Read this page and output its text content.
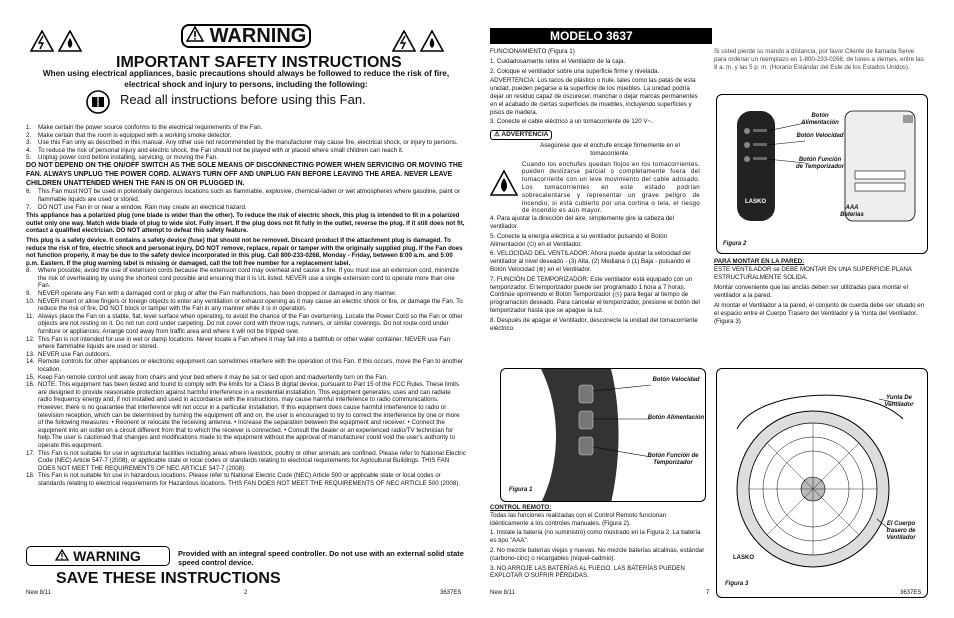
WARNING
IMPORTANT SAFETY INSTRUCTIONS
When using electrical appliances, basic precautions should always be followed to reduce the risk of fire, electrical shock and injury to persons, including the following:
Read all instructions before using this Fan.
1.	Make certain the power source conforms to the electrical requirements of the Fan.
2.	Make certain that the room is equipped with a working smoke detector.
3.	Use this Fan only as described in this manual. Any other use not recommended by the manufacturer may cause fire, electrical shock, or injury to persons.
4.	To reduce the risk of personal injury and electric shock, the Fan should not be played with or placed where small children can reach it.
5.	Unplug power cord before installing, servicing, or moving the Fan.

DO NOT DEPEND ON THE ON/OFF SWITCH AS THE SOLE MEANS OF DISCONNECTING POWER WHEN SERVICING OR MOVING THE FAN. ALWAYS UNPLUG THE POWER CORD. ALWAYS TURN OFF AND UNPLUG FAN BEFORE LEAVING THE AREA. NEVER LEAVE CHILDREN UNATTENDED WHEN THE FAN IS ON OR PLUGGED IN.

6.	This Fan must NOT be used in potentially dangerous locations such as flammable, explosive, chemical-laden or wet atmospheres where gasoline, paint or flammable liquids are used or stored.
7.	DO NOT use Fan in or near a window. Rain may create an electrical hazard.

This appliance has a polarized plug (one blade is wider than the other). To reduce the risk of electric shock, this plug is intended to fit in a polarized outlet only one way. Match wide blade of plug to wide slot. Fully insert. If the plug does not fit fully in the outlet, reverse the plug. If it still does not fit, contact a qualified electrician. DO NOT attempt to defeat this safety feature.

This plug is a safety device. It contains a safety device (fuse) that should not be removed. Discard product if the attachment plug is damaged. To reduce the risk of fire, electric shock and personal injury, DO NOT remove, replace, repair or tamper with the originally supplied plug. If the Fan does not function properly, it may be due to the safety device incorporated in this plug. Call 800-233-0268, Monday - Friday, between 8:00 a.m. and 5:00 p.m. Eastern. If the plug warning label is missing or damaged, call the toll free number for a replacement label.

8.	Where possible, avoid the use of extension cords because the extension cord may overheat and cause a fire. If you must use an extension cord, minimize the risk of overheating by using the shortest cord possible and ensuring that it is UL listed. NEVER use a single extension cord to operate more than one Fan.
9.	NEVER operate any Fan with a damaged cord or plug or after the Fan malfunctions, has been dropped or damaged in any manner.
10. NEVER insert or allow fingers or foreign objects to enter any ventilation or exhaust opening as it may cause an electric shock or fire, or damage the Fan. To reduce the risk of fire, DO NOT block or tamper with the Fan in any manner while it is in operation.
11. Always place the Fan on a stable, flat, level surface when operating, to avoid the chance of the Fan overturning. Locate the Power Cord so the Fan or other objects are not resting on it. Do not run cord under carpeting. Do not cover cord with throw rugs, runners, or similar coverings. Do not route cord under furniture or appliances. Arrange cord away from traffic area and where it will not be tripped over.
12. This Fan is not intended for use in wet or damp locations. Never locate a Fan where it may fall into a bathtub or other water container. NEVER use Fan where flammable liquids are used or stored.
13. NEVER use Fan outdoors.
14. Remote controls for other appliances or electronic equipment can sometimes interfere with the operation of this Fan. If this occurs, move the Fan to another location.
15. Keep Fan remote control unit away from chairs and your bed where it may be sat or laid upon and inadvertently turn on the Fan.
16. NOTE: This equipment has been tested and found to comply with the limits for a Class B digital device, pursuant to Part 15 of the FCC Rules. These limits are designed to provide reasonable protection against harmful interference in a residential installation. This equipment generates, uses and can radiate radio frequency energy and, if not installed and used in accordance with the instructions, may cause harmful interference to radio communications. However, there is no guarantee that interference will not occur in a particular installation. If this equipment does cause harmful interference to radio or television reception, which can be determined by turning the equipment off and on, the user is encouraged to try to correct the interference by one or more of the following measures: • Reorient or relocate the receiving antenna. • Increase the separation between the equipment and receiver. • Connect the equipment into an outlet on a circuit different from that to which the receiver is connected. • Consult the dealer or an experienced radio/TV technician for help.The user is cautioned that changes and modifications made to the equipment without the approval of manufacturer could void the user's authority to operate this equipment.
17. This Fan is not suitable for use in agricultural facilities including areas where livestock, poultry or other animals are confined. Please refer to National Electric Code (NEC) Article 547-7 (2008), or applicable state or local codes or standards relating to electrical requirements for Agricultural Buildings. THIS FAN DOES NOT MEET THE REQUIREMENTS OF NEC ARTICLE 547-7 (2008).
18. This Fan is not suitable for use in hazardous locations. Please refer to National Electric Code (NEC) Article 500 or applicable state or local codes or standards relating to electrical requirements for Hazardous locations. THIS FAN DOES NOT MEET THE REQUIREMENTS OF NEC ARTICLE 500 (2008).
WARNING	Provided with an integral speed controller. Do not use with an external solid state speed control device.
SAVE THESE INSTRUCTIONS
New 8/11	2	3637ES
MODELO 3637

FUNCIONAMIENTO (Figura 1)

1. Cuidadosamente retire el Ventilador de la caja.

2. Coloque el ventilador sobre una superficie firme y nivelada.

ADVERTENCIA: Los tacos de plástico o hule, tales como las patas de esta unidad, pueden pegarse a la superficie de los muebles. La unidad podría dejar un residuo capaz de oscurecer, manchar o dejar marcas permanentes en el acabado de ciertas superficies de muebles, incluyendo superficies y pisos de madera.

3. Conecte el cable eléctrico a un tomacorriente de 120 V~.

⚠ ADVERTENCIA

Asegúrese que el enchufe encaje firmemente en el tomacorriente.

Cuando los enchufes quedan flojos en los tomacorrientes, pueden deslizarse parcial o completamente fuera del tomacorriente con un leve movimiento del cable adosado. Los tomacorrientes en este estado podrían sobrecalentarse y representar un grave peligro de incendio; si está cubierto por una cortina o tela, el riesgo de incendio es aún mayor.

4. Para ajustar la dirección del aire, simplemente gire la cabeza del ventilador.

5. Conecte la energía eléctrica a su ventilador pulsando el Botón Alimentación (⏻) en el Ventilador.

6. VELOCIDAD DEL VENTILADOR: Ahora puede ajustar la velocidad del ventilador al nivel deseado - (3) Alta, (2) Mediana ó (1) Baja - pulsando el Botón Velocidad (⊛) en el Ventilador.

7. FUNCIÓN DE TEMPORIZADOR: Este ventilador está equipado con un temporizador. El temporizador puede ser programado 1 hora a 7 horas. Continúe oprimiendo el Botón Temporizador (◷) para llegar al tiempo de programación deseado. Para cancelar el temporizador, presione el botón del temporizador hasta que se apague la luz.

8. Después de apagar el Ventilador, desconecte la unidad del tomacorriente eléctrico.

Si usted pierde su mando a distancia, por favor Cliente de llamada Serve para ordenar un reemplazo en 1-800-233-0268, de lunes a viernes, entre las 8 a. m. y las 5 p. m. (Horario Estándar del Este de los Estados Unidos).

LASKO
Botón Alimentación
Botón Velocidad
Botón Función de Temporizador
AAA Baterías
Figura 2

PARA MONTAR EN LA PARED:

ESTE VENTILADOR se DEBE MONTAR EN UNA SUPERFICIE PLANA ESTRUCTURALMENTE SOLIDA.

Montar conveniente que las anclas deben ser utilizadas para montar el ventilador a la pared.

Al montar el Ventilador a la pared, el conjunto de cuerda debe ser situado en el espacio entre el Cuerpo Trasero del Ventilador y la Yunta del Ventilador. (Figura 3)

Botón Velocidad
Botón Alimentación
Botón Función de Temporizador
Figura 1

CONTROL REMOTO:

Todas las funciones realizadas con el Control Remoto funcionan idénticamente a los controles manuales. (Figura 2).

1. Instale la batería (no suministró) como mostrado en la Figura 2. La batería es tipo "AAA".

2. No mezcle baterías viejas y nuevas. No mezcle baterías alcalinas, estándar (carbono-cinc) o recargables (níquel-cadmio).

3. NO ARROJE LAS BATERÍAS AL FUEGO. LAS BATERÍAS PUEDEN EXPLOTAR O SUFRIR PÉRDIDAS.

LASKO
Yunta De Ventilador
El Cuerpo trasero de Ventilador
Figura 3
New 8/11	7	3637ES
